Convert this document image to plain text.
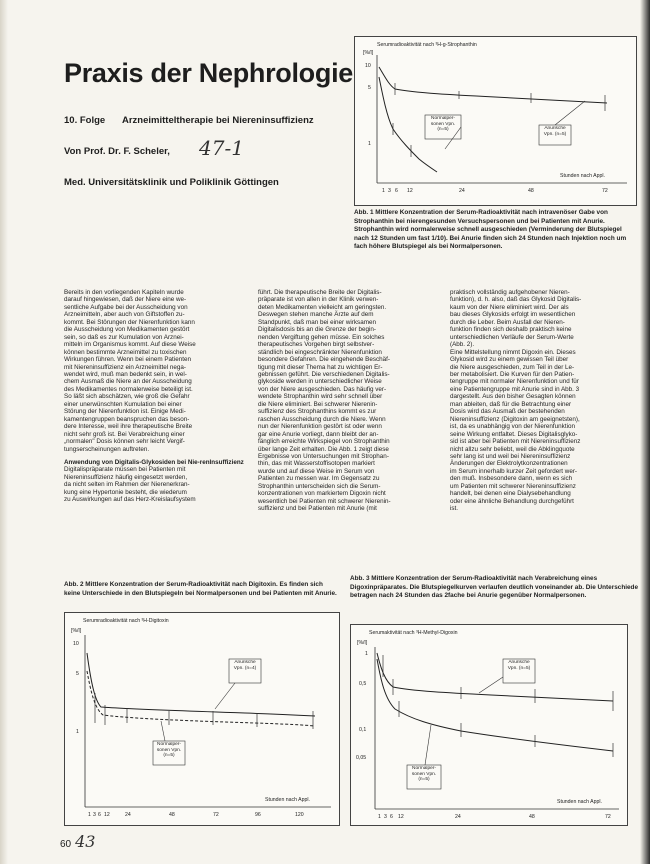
Praxis der Nephrologie
10. Folge Arzneimitteltherapie bei Niereninsuffizienz
Von Prof. Dr. F. Scheler, 47-1
Med. Universitätsklinik und Poliklinik Göttingen
Serumradioaktivität nach ³H-g-Strophanthin
[%/l]
10
5
1
1 3 6 12	24	48	72
Stunden nach Appl.
Normalper-sonen Vpn. (n=5)	Anurische Vpn. (n=5)
Abb. 1 Mittlere Konzentration der Serum-Radioaktivität nach intravenöser Gabe von Strophanthin bei nierengesunden Versuchspersonen und bei Patienten mit Anurie. Strophanthin wird normalerweise schnell ausgeschieden (Verminderung der Blutspiegel nach 12 Stunden um fast 1/10). Bei Anurie finden sich 24 Stunden nach Injektion noch um fach höhere Blutspiegel als bei Normalpersonen.

Bereits in den vorliegenden Kapiteln wurde

darauf hingewiesen, daß der Niere eine we-

sentliche Aufgabe bei der Ausscheidung von

Arzneimitteln, aber auch von Giftstoffen zu-

kommt. Bei Störungen der Nierenfunktion kann

die Ausscheidung von Medikamenten gestört

sein, so daß es zur Kumulation von Arznei-

mitteln im Organismus kommt. Auf diese Weise

können bestimmte Arzneimittel zu toxischen

Wirkungen führen. Wenn bei einem Patienten

mit Niereninsuffizienz ein Arzneimittel nega-

wendet wird, muß man bedenkt sein, in wel-

chem Ausmaß die Niere an der Ausscheidung

des Medikamentes normalerweise beteiligt ist.

So läßt sich abschätzen, wie groß die Gefahr

einer unerwünschten Kumulation bei einer

Störung der Nierenfunktion ist. Einige Medi-

kamentengruppen beanspruchen das beson-

dere Interesse, weil ihre therapeutische Breite

nicht sehr groß ist. Bei Verabreichung einer

„normalen" Dosis können sehr leicht Vergif-

tungserscheinungen auftreten.

Anwendung von Digitalis-Glykosiden bei Nie-renInsuffizienz

Digitalispräparate müssen bei Patienten mit

Niereninsuffizienz häufig eingesetzt werden,

da nicht selten im Rahmen der Nierenerkran-

kung eine Hypertonie besteht, die wiederum

zu Auswirkungen auf das Herz-Kreislaufsystem

führt. Die therapeutische Breite der Digitalis-

präparate ist von allen in der Klinik verwen-

deten Medikamenten vielleicht am geringsten.

Deswegen stehen manche Ärzte auf dem

Standpunkt, daß man bei einer wirksamen

Digitalisdosis bis an die Grenze der begin-

nenden Vergiftung gehen müsse. Ein solches

therapeutisches Vorgehen birgt selbstver-

ständlich bei eingeschränkter Nierenfunktion

besondere Gefahren. Die eingehende Beschäf-

tigung mit dieser Thema hat zu wichtigen Er-

gebnissen geführt. Die verschiedenen Digitalis-

glykoside werden in unterschiedlicher Weise

von der Niere ausgeschieden. Das häufig ver-

wendete Strophanthin wird sehr schnell über

die Niere eliminiert. Bei schwerer Nierenin-

suffizienz des Strophanthins kommt es zur

raschen Ausscheidung durch die Niere. Wenn

nun der Nierenfunktion gestört ist oder wenn

gar eine Anurie vorliegt, dann bleibt der an-

fänglich erreichte Wirkspiegel von Strophanthin

über lange Zeit erhalten. Die Abb. 1 zeigt diese

Ergebnisse von Untersuchungen mit Strophan-

thin, das mit Wasserstoffisotopen markiert

wurde und auf diese Weise im Serum von

Patienten zu messen war. Im Gegensatz zu

Strophanthin unterscheiden sich die Serum-

konzentrationen von markiertem Digoxin nicht

wesentlich bei Patienten mit schwerer Nierenin-

suffizienz und bei Patienten mit Anurie (mit

praktisch vollständig aufgehobener Nieren-

funktion), d. h. also, daß das Glykosid Digitalis-

kaum von der Niere eliminiert wird. Der als

bau dieses Glykosids erfolgt im wesentlichen

durch die Leber. Beim Ausfall der Nieren-

funktion finden sich deshalb praktisch keine

unterschiedlichen Verläufe der Serum-Werte

(Abb. 2).

Eine Mittelstellung nimmt Digoxin ein. Dieses

Glykosid wird zu einem gewissen Teil über

die Niere ausgeschieden, zum Teil in der Le-

ber metabolisiert. Die Kurven für den Patien-

tengruppe mit normaler Nierenfunktion und für

eine Patientengruppe mit Anurie sind in Abb. 3

dargestellt. Aus den bisher Gesagten können

man ableiten, daß für die Betrachtung einer

Dosis wird das Ausmaß der bestehenden

Niereninsuffizienz (Digitoxin am geeignetsten),

ist, da es unabhängig von der Nierenfunktion

seine Wirkung entfaltet. Dieses Digitalisglyko-

sid ist aber bei Patienten mit Niereninsuffizienz

nicht allzu sehr beliebt, weil die Abklingquote

sehr lang ist und weil bei Niereninsuffizienz

Änderungen der Elektrolytkonzentrationen

im Serum innerhalb kurzer Zeit gefordert wer-

den muß. Insbesondere dann, wenn es sich

um Patienten mit schwerer Niereninsuffizienz

handelt, bei denen eine Dialysebehandlung

oder eine ähnliche Behandlung durchgeführt

ist.

Abb. 2 Mittlere Konzentration der Serum-Radioaktivität nach Digitoxin. Es finden sich keine Unterschiede in den Blutspiegeln bei Normalpersonen und bei Patienten mit Anurie.
Serumradioaktivität nach ³H-Digitoxin
[%/l]
10
5
1
1 3 6 12	24	48	72	96	120
Stunden nach Appl.
Anurische Vpn. (n=4)
Normalper-sonen Vpn. (n=5)
Abb. 3 Mittlere Konzentration der Serum-Radioaktivität nach Verabreichung eines Digoxinpräparates. Die Blutspiegelkurven verlaufen deutlich voneinander ab. Die Unterschiede betragen nach 24 Stunden das 2fache bei Anurie gegenüber Normalpersonen.
Serumaktivität nach ³H-Methyl-Digoxin
[%/l]
1
0,5
0,1
0,05
1 3 6 12	24	48	72
Stunden nach Appl.
Anurische Vpn. (n=5)
Normalper-sonen Vpn. (n=5)
60 43
